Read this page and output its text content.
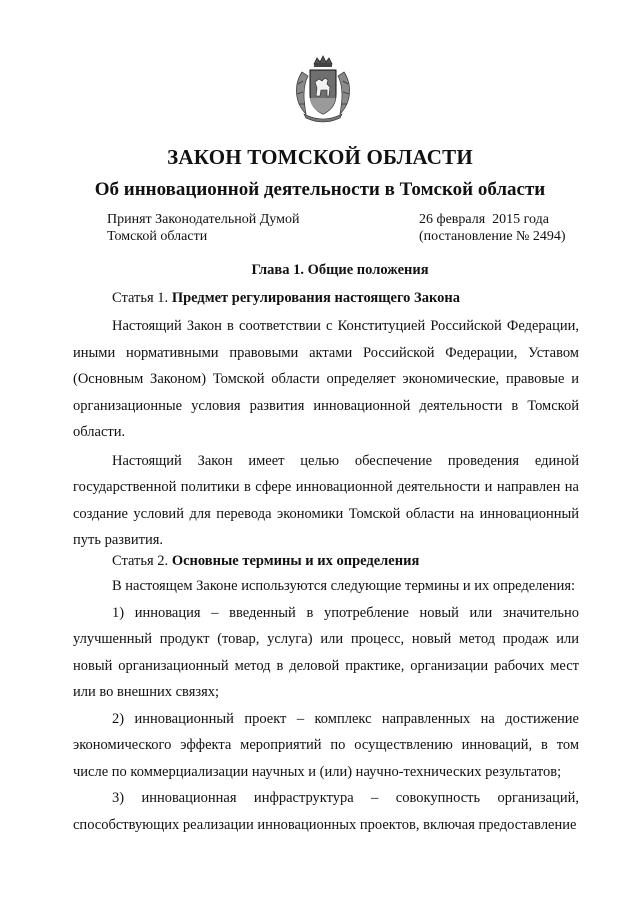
ЗАКОН ТОМСКОЙ ОБЛАСТИ
Об инновационной деятельности в Томской области
Принят Законодательной Думой
Томской области
26 февраля  2015 года
(постановление № 2494)
Глава 1. Общие положения
Статья 1. Предмет регулирования настоящего Закона

Настоящий Закон в соответствии с Конституцией Российской Федерации, иными нормативными правовыми актами Российской Федерации, Уставом (Основным Законом) Томской области определяет экономические, правовые и организационные условия развития инновационной деятельности в Томской области.

Настоящий Закон имеет целью обеспечение проведения единой государственной политики в сфере инновационной деятельности и направлен на создание условий для перевода экономики Томской области на инновационный путь развития.

Статья 2. Основные термины и их определения

В настоящем Законе используются следующие термины и их определения:

1) инновация – введенный в употребление новый или значительно улучшенный продукт (товар, услуга) или процесс, новый метод продаж или новый организационный метод в деловой практике, организации рабочих мест или во внешних связях;

2) инновационный проект – комплекс направленных на достижение экономического эффекта мероприятий по осуществлению инноваций, в том числе по коммерциализации научных и (или) научно-технических результатов;

3) инновационная инфраструктура – совокупность организаций, способствующих реализации инновационных проектов, включая предоставление
